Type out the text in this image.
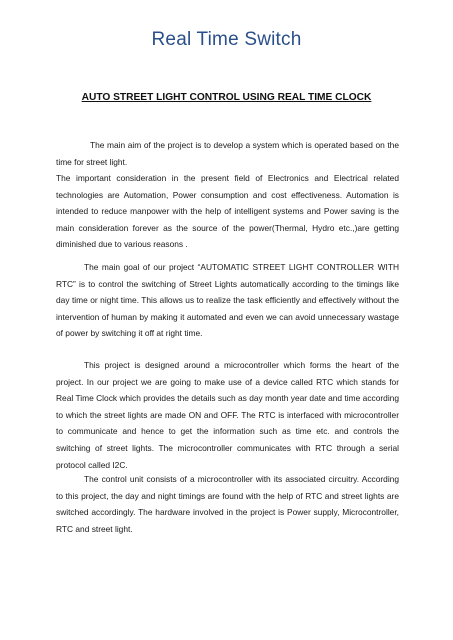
Real Time Switch
AUTO STREET LIGHT CONTROL USING REAL TIME CLOCK

The main aim of the project is to develop a system which is operated based on the time for street light.

The important consideration in the present field of Electronics and Electrical related technologies are Automation, Power consumption and cost effectiveness. Automation is intended to reduce manpower with the help of intelligent systems and Power saving is the main consideration forever as the source of the power(Thermal, Hydro etc.,)are getting diminished due to various reasons .

The main goal of our project “AUTOMATIC STREET LIGHT CONTROLLER WITH RTC” is to control the switching of Street Lights automatically according to the timings like day time or night time. This allows us to realize the task efficiently and effectively without the intervention of human by making it automated and even we can avoid unnecessary wastage of power by switching it off at right time.

This project is designed around a microcontroller which forms the heart of the project. In our project we are going to make use of a device called RTC which stands for Real Time Clock which provides the details such as day month year date and time according to which the street lights are made ON and OFF. The RTC is interfaced with microcontroller to communicate and hence to get the information such as time etc. and controls the switching of street lights. The microcontroller communicates with RTC through a serial protocol called I2C.

The control unit consists of a microcontroller with its associated circuitry. According to this project, the day and night timings are found with the help of RTC and street lights are switched accordingly. The hardware involved in the project is Power supply, Microcontroller, RTC and street light.
